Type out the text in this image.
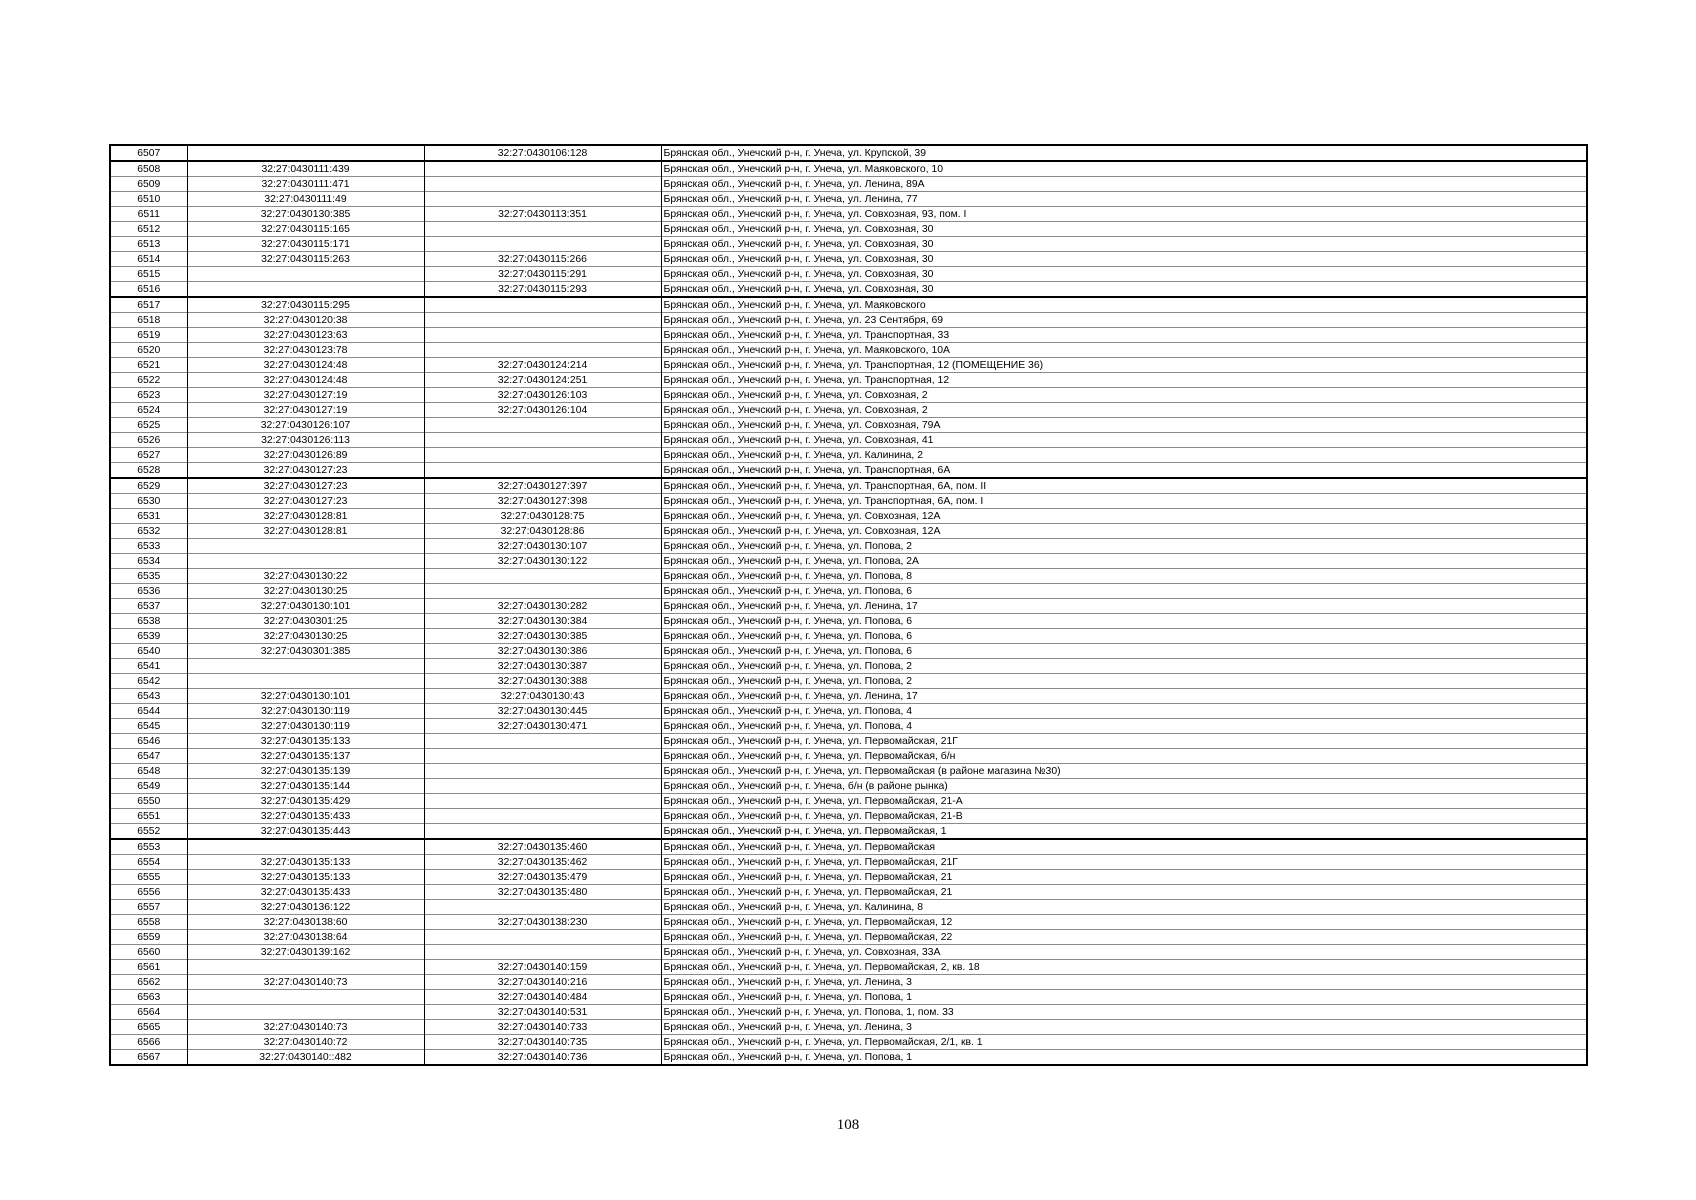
6507		32:27:0430106:128	Брянская обл., Унечский р-н, г. Унеча, ул. Крупской, 39
6508	32:27:0430111:439		Брянская обл., Унечский р-н, г. Унеча, ул. Маяковского, 10
6509	32:27:0430111:471		Брянская обл., Унечский р-н, г. Унеча, ул. Ленина, 89А
6510	32:27:0430111:49		Брянская обл., Унечский р-н, г. Унеча, ул. Ленина, 77
6511	32:27:0430130:385	32:27:0430113:351	Брянская обл., Унечский р-н, г. Унеча, ул. Совхозная, 93, пом. I
6512	32:27:0430115:165		Брянская обл., Унечский р-н, г. Унеча, ул. Совхозная, 30
6513	32:27:0430115:171		Брянская обл., Унечский р-н, г. Унеча, ул. Совхозная, 30
6514	32:27:0430115:263	32:27:0430115:266	Брянская обл., Унечский р-н, г. Унеча, ул. Совхозная, 30
6515		32:27:0430115:291	Брянская обл., Унечский р-н, г. Унеча, ул. Совхозная, 30
6516		32:27:0430115:293	Брянская обл., Унечский р-н, г. Унеча, ул. Совхозная, 30
6517	32:27:0430115:295		Брянская обл., Унечский р-н, г. Унеча, ул. Маяковского
6518	32:27:0430120:38		Брянская обл., Унечский р-н, г. Унеча, ул. 23 Сентября, 69
6519	32:27:0430123:63		Брянская обл., Унечский р-н, г. Унеча, ул. Транспортная, 33
6520	32:27:0430123:78		Брянская обл., Унечский р-н, г. Унеча, ул. Маяковского, 10А
6521	32:27:0430124:48	32:27:0430124:214	Брянская обл., Унечский р-н, г. Унеча, ул. Транспортная, 12 (ПОМЕЩЕНИЕ 36)
6522	32:27:0430124:48	32:27:0430124:251	Брянская обл., Унечский р-н, г. Унеча, ул. Транспортная, 12
6523	32:27:0430127:19	32:27:0430126:103	Брянская обл., Унечский р-н, г. Унеча, ул. Совхозная, 2
6524	32:27:0430127:19	32:27:0430126:104	Брянская обл., Унечский р-н, г. Унеча, ул. Совхозная, 2
6525	32:27:0430126:107		Брянская обл., Унечский р-н, г. Унеча, ул. Совхозная, 79А
6526	32:27:0430126:113		Брянская обл., Унечский р-н, г. Унеча, ул. Совхозная, 41
6527	32:27:0430126:89		Брянская обл., Унечский р-н, г. Унеча, ул. Калинина, 2
6528	32:27:0430127:23		Брянская обл., Унечский р-н, г. Унеча, ул. Транспортная, 6А
6529	32:27:0430127:23	32:27:0430127:397	Брянская обл., Унечский р-н, г. Унеча, ул. Транспортная, 6А, пом. II
6530	32:27:0430127:23	32:27:0430127:398	Брянская обл., Унечский р-н, г. Унеча, ул. Транспортная, 6А, пом. I
6531	32:27:0430128:81	32:27:0430128:75	Брянская обл., Унечский р-н, г. Унеча, ул. Совхозная, 12А
6532	32:27:0430128:81	32:27:0430128:86	Брянская обл., Унечский р-н, г. Унеча, ул. Совхозная, 12А
6533		32:27:0430130:107	Брянская обл., Унечский р-н, г. Унеча, ул. Попова, 2
6534		32:27:0430130:122	Брянская обл., Унечский р-н, г. Унеча, ул. Попова, 2А
6535	32:27:0430130:22		Брянская обл., Унечский р-н, г. Унеча, ул. Попова, 8
6536	32:27:0430130:25		Брянская обл., Унечский р-н, г. Унеча, ул. Попова, 6
6537	32:27:0430130:101	32:27:0430130:282	Брянская обл., Унечский р-н, г. Унеча, ул. Ленина, 17
6538	32:27:0430301:25	32:27:0430130:384	Брянская обл., Унечский р-н, г. Унеча, ул. Попова, 6
6539	32:27:0430130:25	32:27:0430130:385	Брянская обл., Унечский р-н, г. Унеча, ул. Попова, 6
6540	32:27:0430301:385	32:27:0430130:386	Брянская обл., Унечский р-н, г. Унеча, ул. Попова, 6
6541		32:27:0430130:387	Брянская обл., Унечский р-н, г. Унеча, ул. Попова, 2
6542		32:27:0430130:388	Брянская обл., Унечский р-н, г. Унеча, ул. Попова, 2
6543	32:27:0430130:101	32:27:0430130:43	Брянская обл., Унечский р-н, г. Унеча, ул. Ленина, 17
6544	32:27:0430130:119	32:27:0430130:445	Брянская обл., Унечский р-н, г. Унеча, ул. Попова, 4
6545	32:27:0430130:119	32:27:0430130:471	Брянская обл., Унечский р-н, г. Унеча, ул. Попова, 4
6546	32:27:0430135:133		Брянская обл., Унечский р-н, г. Унеча, ул. Первомайская, 21Г
6547	32:27:0430135:137		Брянская обл., Унечский р-н, г. Унеча, ул. Первомайская, б/н
6548	32:27:0430135:139		Брянская обл., Унечский р-н, г. Унеча, ул. Первомайская (в районе магазина №30)
6549	32:27:0430135:144		Брянская обл., Унечский р-н, г. Унеча, б/н (в районе рынка)
6550	32:27:0430135:429		Брянская обл., Унечский р-н, г. Унеча, ул. Первомайская, 21-А
6551	32:27:0430135:433		Брянская обл., Унечский р-н, г. Унеча, ул. Первомайская, 21-В
6552	32:27:0430135:443		Брянская обл., Унечский р-н, г. Унеча, ул. Первомайская, 1
6553		32:27:0430135:460	Брянская обл., Унечский р-н, г. Унеча, ул. Первомайская
6554	32:27:0430135:133	32:27:0430135:462	Брянская обл., Унечский р-н, г. Унеча, ул. Первомайская, 21Г
6555	32:27:0430135:133	32:27:0430135:479	Брянская обл., Унечский р-н, г. Унеча, ул. Первомайская, 21
6556	32:27:0430135:433	32:27:0430135:480	Брянская обл., Унечский р-н, г. Унеча, ул. Первомайская, 21
6557	32:27:0430136:122		Брянская обл., Унечский р-н, г. Унеча, ул. Калинина, 8
6558	32:27:0430138:60	32:27:0430138:230	Брянская обл., Унечский р-н, г. Унеча, ул. Первомайская, 12
6559	32:27:0430138:64		Брянская обл., Унечский р-н, г. Унеча, ул. Первомайская, 22
6560	32:27:0430139:162		Брянская обл., Унечский р-н, г. Унеча, ул. Совхозная, 33А
6561		32:27:0430140:159	Брянская обл., Унечский р-н, г. Унеча, ул. Первомайская, 2, кв. 18
6562	32:27:0430140:73	32:27:0430140:216	Брянская обл., Унечский р-н, г. Унеча, ул. Ленина, 3
6563		32:27:0430140:484	Брянская обл., Унечский р-н, г. Унеча, ул. Попова, 1
6564		32:27:0430140:531	Брянская обл., Унечский р-н, г. Унеча, ул. Попова, 1, пом. 33
6565	32:27:0430140:73	32:27:0430140:733	Брянская обл., Унечский р-н, г. Унеча, ул. Ленина, 3
6566	32:27:0430140:72	32:27:0430140:735	Брянская обл., Унечский р-н, г. Унеча, ул. Первомайская, 2/1, кв. 1
6567	32:27:0430140::482	32:27:0430140:736	Брянская обл., Унечский р-н, г. Унеча, ул. Попова, 1
108
